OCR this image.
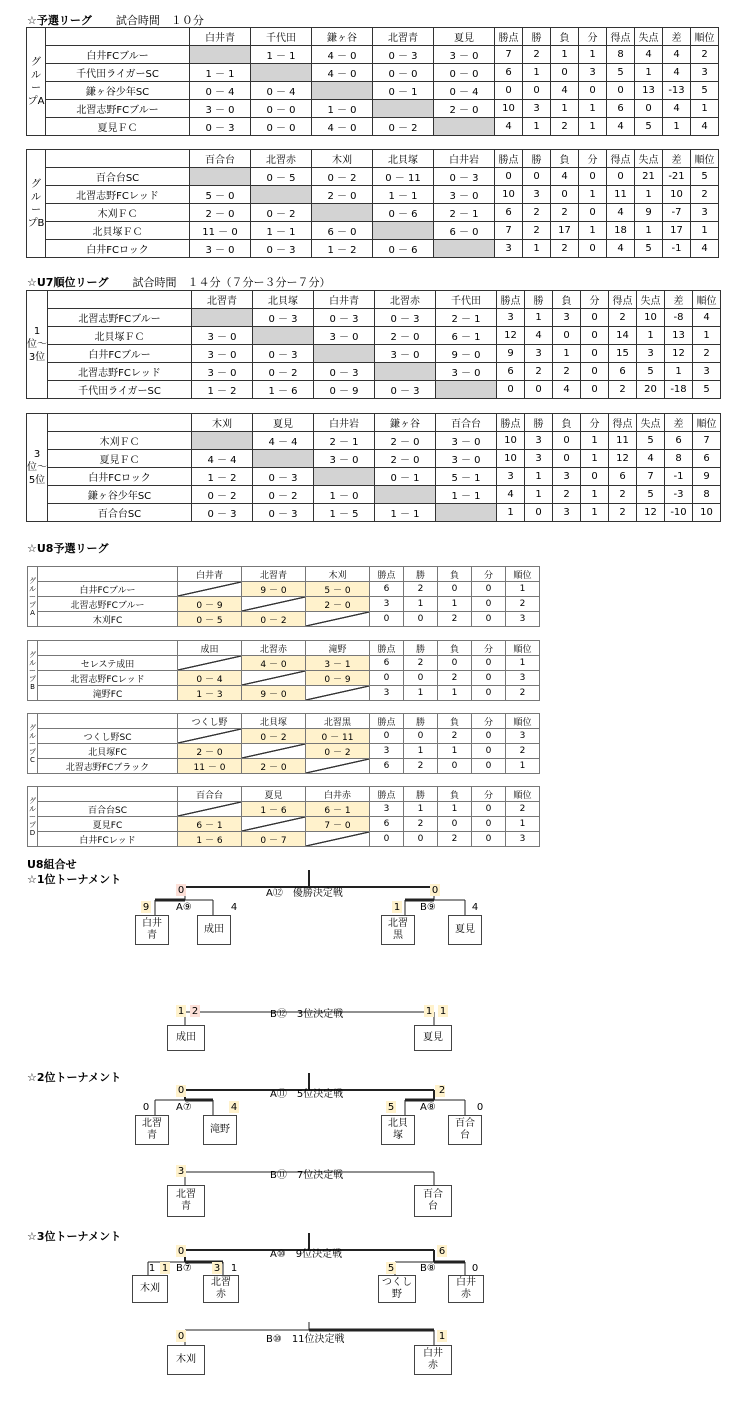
☆予選リーグ 試合時間　１０分
グループA		白井青	千代田	鎌ヶ谷	北習青	夏見	勝点	勝	負	分	得点	失点	差	順位
	白井FCブルー		1 － 1	4 － 0	0 － 3	3 － 0	7	2	1	1	8	4	4	2
	千代田ライガーSC	1 － 1		4 － 0	0 － 0	0 － 0	6	1	0	3	5	1	4	3
	鎌ヶ谷少年SC	0 － 4	0 － 4		0 － 1	0 － 4	0	0	4	0	0	13	-13	5
	北習志野FCブルー	3 － 0	0 － 0	1 － 0		2 － 0	10	3	1	1	6	0	4	1
	夏見ＦＣ	0 － 3	0 － 0	4 － 0	0 － 2		4	1	2	1	4	5	1	4
グループB		百合台	北習赤	木刈	北貝塚	白井岩	勝点	勝	負	分	得点	失点	差	順位
	百合台SC		0 － 5	0 － 2	0 － 11	0 － 3	0	0	4	0	0	21	-21	5
	北習志野FCレッド	5 － 0		2 － 0	1 － 1	3 － 0	10	3	0	1	11	1	10	2
	木刈ＦＣ	2 － 0	0 － 2		0 － 6	2 － 1	6	2	2	0	4	9	-7	3
	北貝塚ＦＣ	11 － 0	1 － 1	6 － 0		6 － 0	7	2	17	1	18	1	17	1
	白井FCロック	3 － 0	0 － 3	1 － 2	0 － 6		3	1	2	0	4	5	-1	4
☆U7順位リーグ 試合時間　１４分（７分ー３分ー７分）
1位〜3位		北習青	北貝塚	白井青	北習赤	千代田	勝点	勝	負	分	得点	失点	差	順位
	北習志野FCブルー		0 － 3	0 － 3	0 － 3	2 － 1	3	1	3	0	2	10	-8	4
	北貝塚ＦＣ	3 － 0		3 － 0	2 － 0	6 － 1	12	4	0	0	14	1	13	1
	白井FCブルー	3 － 0	0 － 3		3 － 0	9 － 0	9	3	1	0	15	3	12	2
	北習志野FCレッド	3 － 0	0 － 2	0 － 3		3 － 0	6	2	2	0	6	5	1	3
	千代田ライガーSC	1 － 2	1 － 6	0 － 9	0 － 3		0	0	4	0	2	20	-18	5
3位〜5位		木刈	夏見	白井岩	鎌ヶ谷	百合台	勝点	勝	負	分	得点	失点	差	順位
	木刈ＦＣ		4 － 4	2 － 1	2 － 0	3 － 0	10	3	0	1	11	5	6	7
	夏見ＦＣ	4 － 4		3 － 0	2 － 0	3 － 0	10	3	0	1	12	4	8	6
	白井FCロック	1 － 2	0 － 3		0 － 1	5 － 1	3	1	3	0	6	7	-1	9
	鎌ヶ谷少年SC	0 － 2	0 － 2	1 － 0		1 － 1	4	1	2	1	2	5	-3	8
	百合台SC	0 － 3	0 － 3	1 － 5	1 － 1		1	0	3	1	2	12	-10	10
☆U8予選リーグ
グループA		白井青	北習青	木刈	勝点	勝	負	分	順位
	白井FCブルー		9 － 0	5 － 0	6	2	0	0	1
	北習志野FCブルー	0 － 9		2 － 0	3	1	1	0	2
	木刈FC	0 － 5	0 － 2		0	0	2	0	3
グループB		成田	北習赤	滝野	勝点	勝	負	分	順位
	セレステ成田		4 － 0	3 － 1	6	2	0	0	1
	北習志野FCレッド	0 － 4		0 － 9	0	0	2	0	3
	滝野FC	1 － 3	9 － 0		3	1	1	0	2
グループC		つくし野	北貝塚	北習黒	勝点	勝	負	分	順位
	つくし野SC		0 － 2	0 － 11	0	0	2	0	3
	北貝塚FC	2 － 0		0 － 2	3	1	1	0	2
	北習志野FCブラック	11 － 0	2 － 0		6	2	0	0	1
グループD		百合台	夏見	白井赤	勝点	勝	負	分	順位
	百合台SC		1 － 6	6 － 1	3	1	1	0	2
	夏見FC	6 － 1		7 － 0	6	2	0	0	1
	白井FCレッド	1 － 6	0 － 7		0	0	2	0	3
U8組合せ
☆1位トーナメント
☆2位トーナメント
☆3位トーナメント
0	0
A⑫　優勝決定戦
A⑨	B⑨
9	4	1	4
白井
青
成田
北習
黒
夏見
B⑫　3位決定戦
1 2	1 1
成田	夏見
0	2
A⑪　5位決定戦
A⑦	A⑧
0	4	5	0
北習
青
滝野
北貝
塚
百合
台
B⑪　7位決定戦
3
北習
青
百合
台
0	6
A⑩　9位決定戦
B⑦	B⑧
1 1	3 1	5	0
木刈
北習
赤
つくし
野
白井
赤
B⑩　11位決定戦
0	1
木刈
白井
赤
